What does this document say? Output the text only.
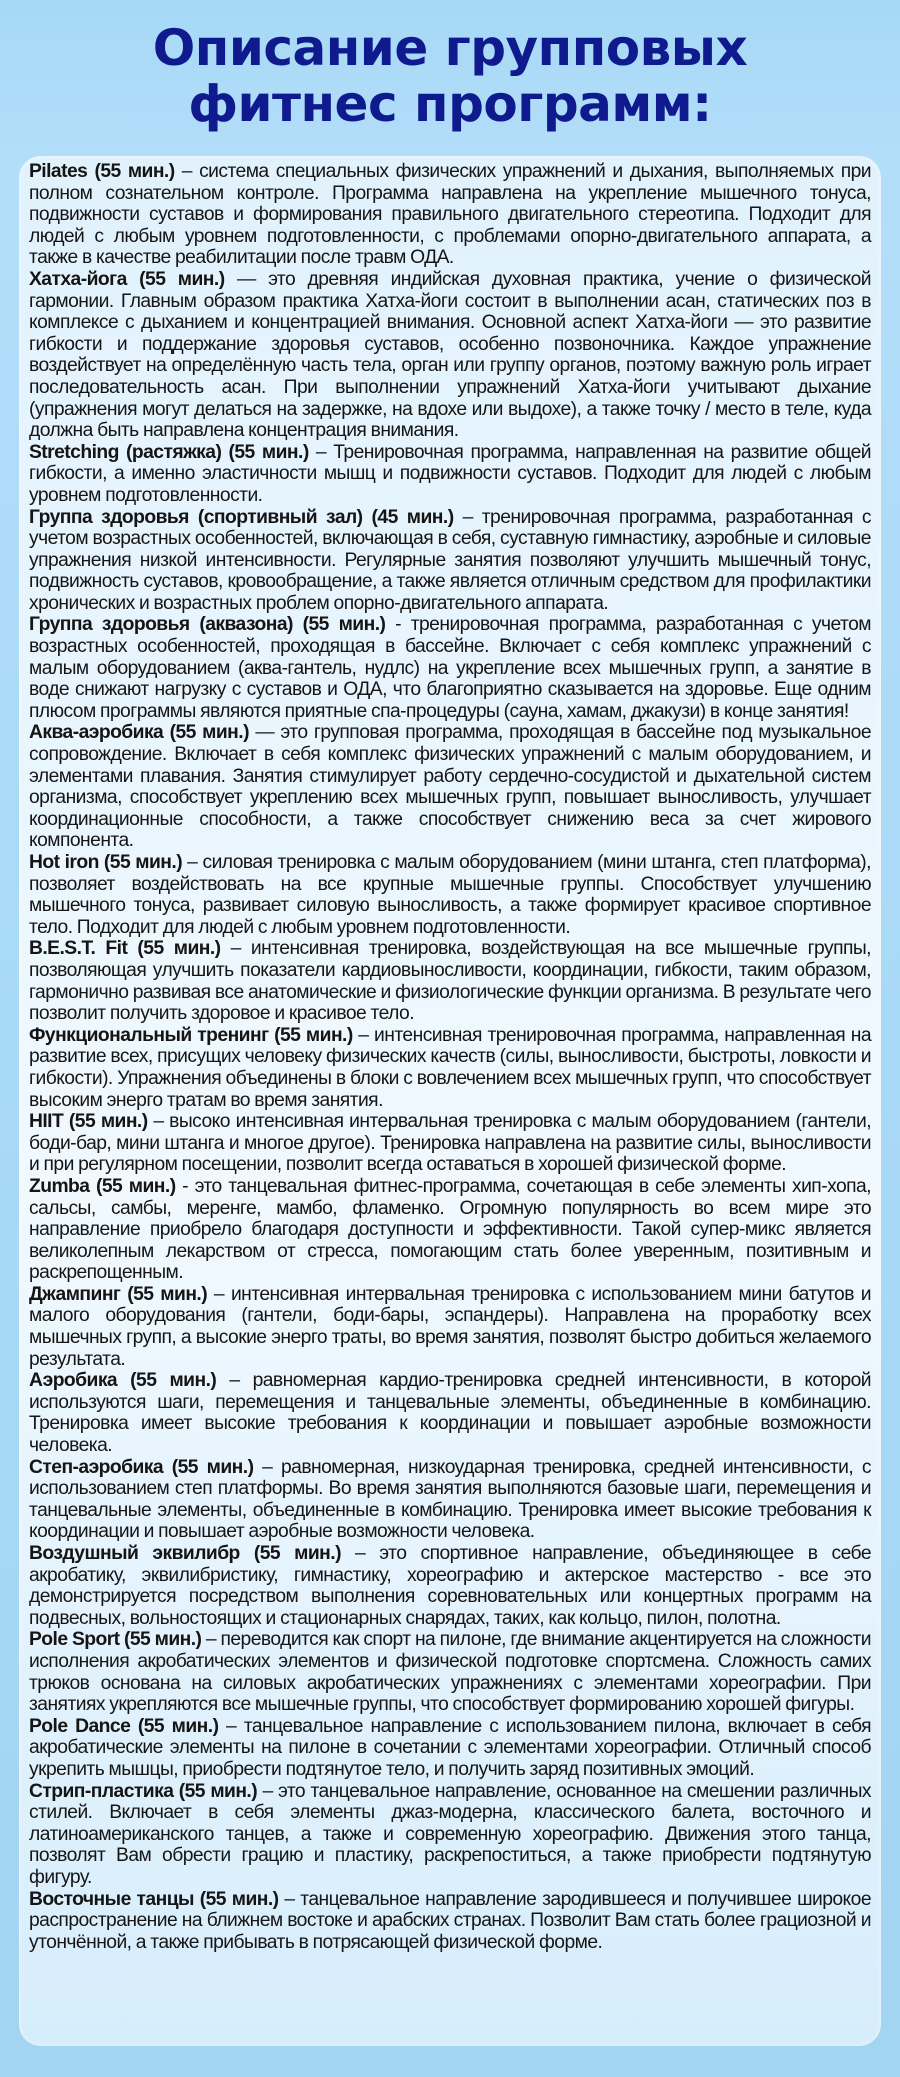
Описание групповых
фитнес программ:

Pilates (55 мин.) – система специальных физических упражнений и дыхания, выполняемых при полном сознательном контроле. Программа направлена на укрепление мышечного тонуса, подвижности суставов и формирования правильного двигательного стереотипа. Подходит для людей с любым уровнем подготовленности, с проблемами опорно-двигательного аппарата, а также в качестве реабилитации после травм ОДА.

Хатха-йога (55 мин.) — это древняя индийская духовная практика, учение о физической гармонии. Главным образом практика Хатха-йоги состоит в выполнении асан, статических поз в комплексе с дыханием и концентрацией внимания. Основной аспект Хатха-йоги — это развитие гибкости и поддержание здоровья суставов, особенно позвоночника. Каждое упражнение воздействует на определённую часть тела, орган или группу органов, поэтому важную роль играет последовательность асан. При выполнении упражнений Хатха-йоги учитывают дыхание (упражнения могут делаться на задержке, на вдохе или выдохе), а также точку / место в теле, куда должна быть направлена концентрация внимания.

Stretching (растяжка) (55 мин.) – Тренировочная программа, направленная на развитие общей гибкости, а именно эластичности мышц и подвижности суставов. Подходит для людей с любым уровнем подготовленности.

Группа здоровья (спортивный зал) (45 мин.) – тренировочная программа, разработанная с учетом возрастных особенностей, включающая в себя, суставную гимнастику, аэробные и силовые упражнения низкой интенсивности. Регулярные занятия позволяют улучшить мышечный тонус, подвижность суставов, кровообращение, а также является отличным средством для профилактики хронических и возрастных проблем опорно-двигательного аппарата.

Группа здоровья (аквазона) (55 мин.) - тренировочная программа, разработанная с учетом возрастных особенностей, проходящая в бассейне. Включает с себя комплекс упражнений с малым оборудованием (аква-гантель, нудлс) на укрепление всех мышечных групп, а занятие в воде снижают нагрузку с суставов и ОДА, что благоприятно сказывается на здоровье. Еще одним плюсом программы являются приятные спа-процедуры (сауна, хамам, джакузи) в конце занятия!

Аква-аэробика (55 мин.) — это групповая программа, проходящая в бассейне под музыкальное сопровождение. Включает в себя комплекс физических упражнений с малым оборудованием, и элементами плавания. Занятия стимулирует работу сердечно-сосудистой и дыхательной систем организма, способствует укреплению всех мышечных групп, повышает выносливость, улучшает координационные способности, а также способствует снижению веса за счет жирового компонента.

Hot iron (55 мин.) – силовая тренировка с малым оборудованием (мини штанга, степ платформа), позволяет воздействовать на все крупные мышечные группы. Способствует улучшению мышечного тонуса, развивает силовую выносливость, а также формирует красивое спортивное тело. Подходит для людей с любым уровнем подготовленности.

B.E.S.T. Fit (55 мин.) – интенсивная тренировка, воздействующая на все мышечные группы, позволяющая улучшить показатели кардиовыносливости, координации, гибкости, таким образом, гармонично развивая все анатомические и физиологические функции организма. В результате чего позволит получить здоровое и красивое тело.

Функциональный тренинг (55 мин.) – интенсивная тренировочная программа, направленная на развитие всех, присущих человеку физических качеств (силы, выносливости, быстроты, ловкости и гибкости). Упражнения объединены в блоки с вовлечением всех мышечных групп, что способствует высоким энерго тратам во время занятия.

HIIT (55 мин.) – высоко интенсивная интервальная тренировка с малым оборудованием (гантели, боди-бар, мини штанга и многое другое). Тренировка направлена на развитие силы, выносливости и при регулярном посещении, позволит всегда оставаться в хорошей физической форме.

Zumba (55 мин.) - это танцевальная фитнес-программа, сочетающая в себе элементы хип-хопа, сальсы, самбы, меренге, мамбо, фламенко. Огромную популярность во всем мире это направление приобрело благодаря доступности и эффективности. Такой супер-микс является великолепным лекарством от стресса, помогающим стать более уверенным, позитивным и раскрепощенным.

Джампинг (55 мин.) – интенсивная интервальная тренировка с использованием мини батутов и малого оборудования (гантели, боди-бары, эспандеры). Направлена на проработку всех мышечных групп, а высокие энерго траты, во время занятия, позволят быстро добиться желаемого результата.

Аэробика (55 мин.) – равномерная кардио-тренировка средней интенсивности, в которой используются шаги, перемещения и танцевальные элементы, объединенные в комбинацию. Тренировка имеет высокие требования к координации и повышает аэробные возможности человека.

Степ-аэробика (55 мин.) – равномерная, низкоударная тренировка, средней интенсивности, с использованием степ платформы. Во время занятия выполняются базовые шаги, перемещения и танцевальные элементы, объединенные в комбинацию. Тренировка имеет высокие требования к координации и повышает аэробные возможности человека.

Воздушный эквилибр (55 мин.) – это спортивное направление, объединяющее в себе акробатику, эквилибристику, гимнастику, хореографию и актерское мастерство - все это демонстрируется посредством выполнения соревновательных или концертных программ на подвесных, вольностоящих и стационарных снарядах, таких, как кольцо, пилон, полотна.

Pole Sport (55 мин.) – переводится как спорт на пилоне, где внимание акцентируется на сложности исполнения акробатических элементов и физической подготовке спортсмена. Сложность самих трюков основана на силовых акробатических упражнениях с элементами хореографии. При занятиях укрепляются все мышечные группы, что способствует формированию хорошей фигуры.

Pole Dance (55 мин.) – танцевальное направление с использованием пилона, включает в себя акробатические элементы на пилоне в сочетании с элементами хореографии. Отличный способ укрепить мышцы, приобрести подтянутое тело, и получить заряд позитивных эмоций.

Стрип-пластика (55 мин.) – это танцевальное направление, основанное на смешении различных стилей. Включает в себя элементы джаз-модерна, классического балета, восточного и латиноамериканского танцев, а также и современную хореографию. Движения этого танца, позволят Вам обрести грацию и пластику, раскрепоститься, а также приобрести подтянутую фигуру.

Восточные танцы (55 мин.) – танцевальное направление зародившееся и получившее широкое распространение на ближнем востоке и арабских странах. Позволит Вам стать более грациозной и утончённой, а также прибывать в потрясающей физической форме.
